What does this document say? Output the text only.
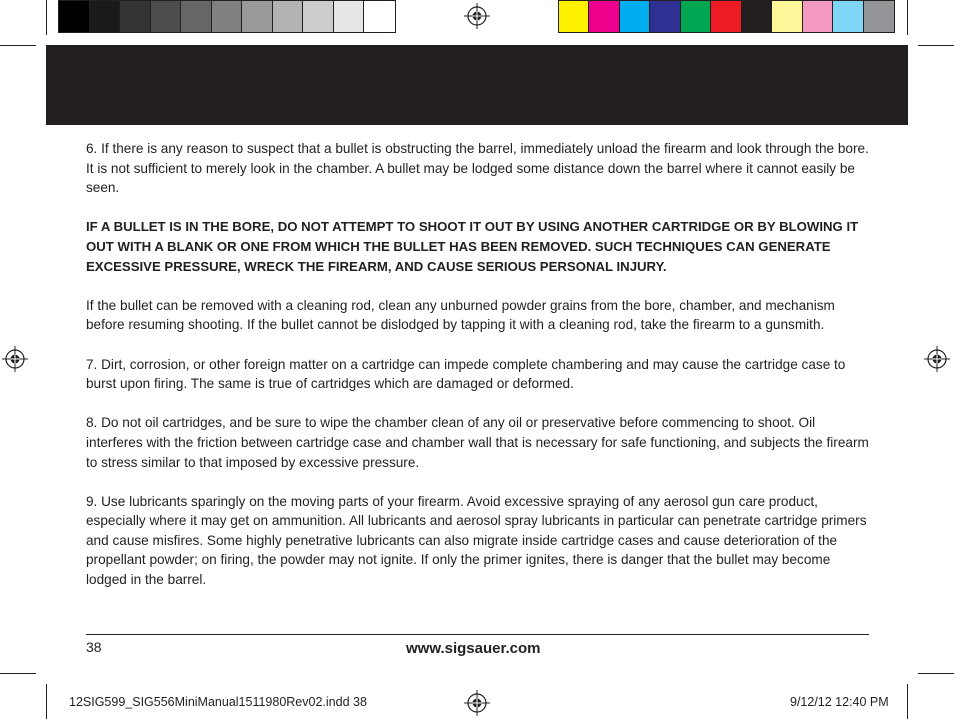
6. If there is any reason to suspect that a bullet is obstructing the barrel, immediately unload the firearm and look through the bore. It is not sufficient to merely look in the chamber. A bullet may be lodged some distance down the barrel where it cannot easily be seen.

IF A BULLET IS IN THE BORE, DO NOT ATTEMPT TO SHOOT IT OUT BY USING ANOTHER CARTRIDGE OR BY BLOWING IT OUT WITH A BLANK OR ONE FROM WHICH THE BULLET HAS BEEN REMOVED. SUCH TECHNIQUES CAN GENERATE EXCESSIVE PRESSURE, WRECK THE FIREARM, AND CAUSE SERIOUS PERSONAL INJURY.

If the bullet can be removed with a cleaning rod, clean any unburned powder grains from the bore, chamber, and mechanism before resuming shooting. If the bullet cannot be dislodged by tapping it with a cleaning rod, take the firearm to a gunsmith.

7. Dirt, corrosion, or other foreign matter on a cartridge can impede complete chambering and may cause the cartridge case to burst upon firing. The same is true of cartridges which are damaged or deformed.

8. Do not oil cartridges, and be sure to wipe the chamber clean of any oil or preservative before commencing to shoot. Oil interferes with the friction between cartridge case and chamber wall that is necessary for safe functioning, and subjects the firearm to stress similar to that imposed by excessive pressure.

9. Use lubricants sparingly on the moving parts of your firearm. Avoid excessive spraying of any aerosol gun care product, especially where it may get on ammunition. All lubricants and aerosol spray lubricants in particular can penetrate cartridge primers and cause misfires. Some highly penetrative lubricants can also migrate inside cartridge cases and cause deterioration of the propellant powder; on firing, the powder may not ignite. If only the primer ignites, there is danger that the bullet may become lodged in the barrel.

38	www.sigsauer.com
12SIG599_SIG556MiniManual1511980Rev02.indd 38	9/12/12 12:40 PM
